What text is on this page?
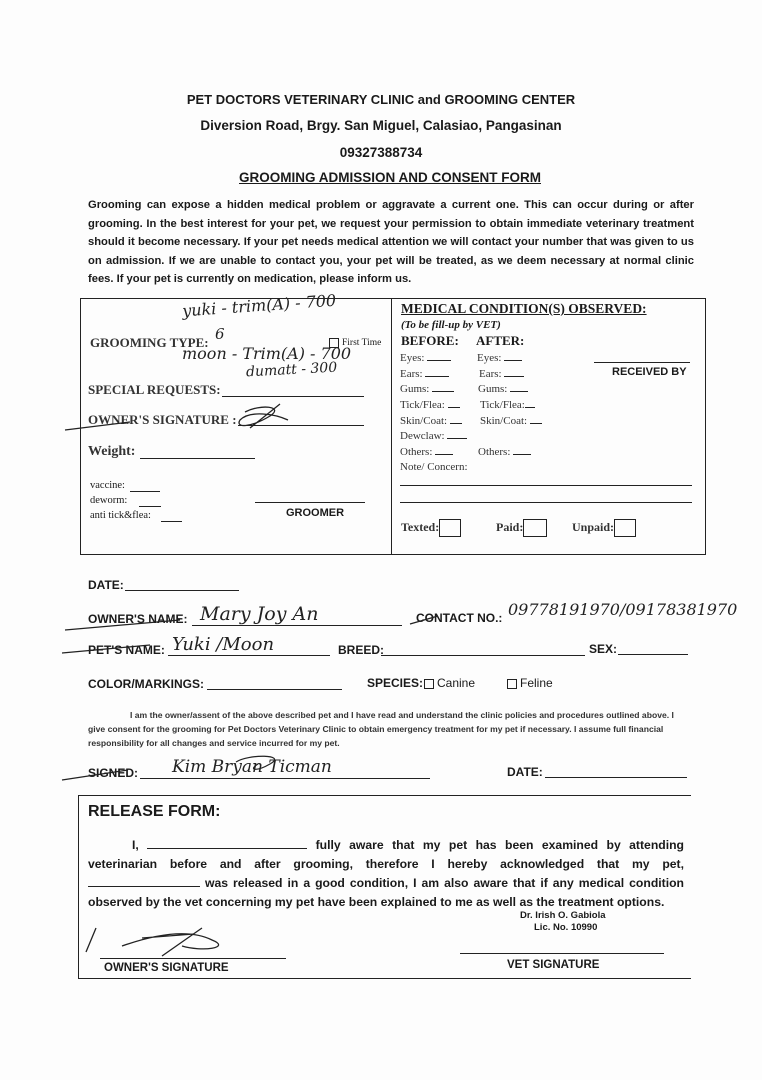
PET DOCTORS VETERINARY CLINIC and GROOMING CENTER
Diversion Road, Brgy. San Miguel, Calasiao, Pangasinan
09327388734
GROOMING ADMISSION AND CONSENT FORM
Grooming can expose a hidden medical problem or aggravate a current one. This can occur during or after grooming. In the best interest for your pet, we request your permission to obtain immediate veterinary treatment should it become necessary. If your pet needs medical attention we will contact your number that was given to us on admission. If we are unable to contact you, your pet will be treated, as we deem necessary at normal clinic fees. If your pet is currently on medication, please inform us.
GROOMING TYPE:
yuki - trim(A) - 700
6
moon - Trim(A) - 700
dumatt - 300
First Time
SPECIAL REQUESTS:
OWNER'S SIGNATURE :
Weight:
vaccine:
deworm:
anti tick&flea:	GROOMER
MEDICAL CONDITION(S) OBSERVED:
(To be fill-up by VET)
BEFORE: AFTER:
Eyes:	Eyes:
Ears:	Ears:
Gums:	Gums:
Tick/Flea:	Tick/Flea:
Skin/Coat:	Skin/Coat:
Dewclaw:
Others:	Others:
Note/ Concern:
RECEIVED BY
Texted:	Paid:	Unpaid:
DATE:
OWNER'S NAME: Mary Joy An	CONTACT NO.: 09778191970/09178381970
PET'S NAME: Yuki /Moon	BREED:	SEX:
COLOR/MARKINGS:	SPECIES:	Canine	Feline
I am the owner/assent of the above described pet and I have read and understand the clinic policies and procedures outlined above. I give consent for the grooming for Pet Doctors Veterinary Clinic to obtain emergency treatment for my pet if necessary. I assume full financial responsibility for all changes and service incurred for my pet.
SIGNED: Kim Bryan Ticman	DATE:
RELEASE FORM:
I,	fully aware that my pet has been examined by attending veterinarian before and after grooming, therefore I hereby acknowledged that my pet,  was released in a good condition, I am also aware that if any medical condition observed by the vet concerning my pet have been explained to me as well as the treatment options.
Dr. Irish O. Gabiola
Lic. No. 10990
OWNER'S SIGNATURE	VET SIGNATURE
